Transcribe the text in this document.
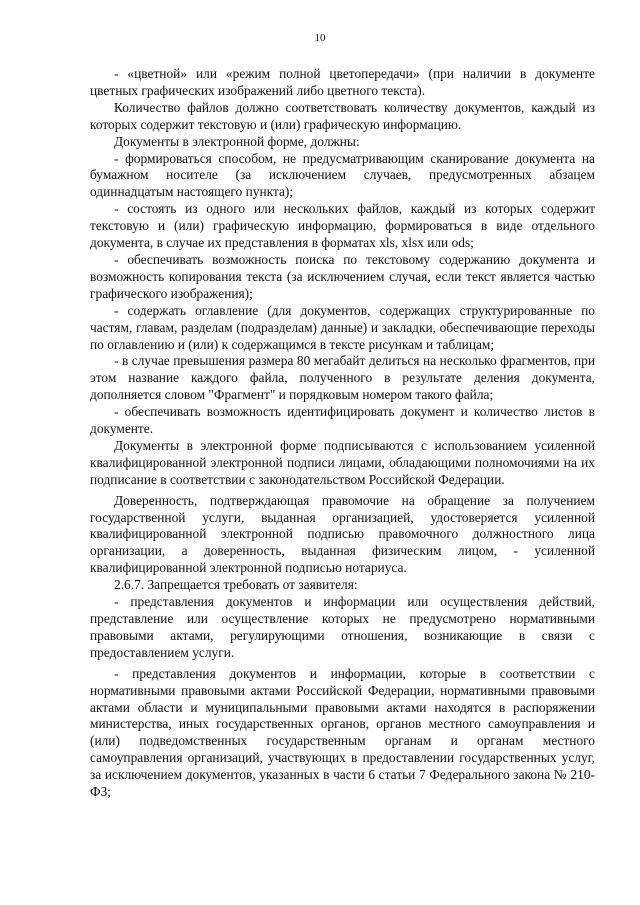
10

- «цветной» или «режим полной цветопередачи» (при наличии в документе цветных графических изображений либо цветного текста).

Количество файлов должно соответствовать количеству документов, каждый из которых содержит текстовую и (или) графическую информацию.

Документы в электронной форме, должны:

- формироваться способом, не предусматривающим сканирование документа на бумажном носителе (за исключением случаев, предусмотренных абзацем одиннадцатым настоящего пункта);

- состоять из одного или нескольких файлов, каждый из которых содержит текстовую и (или) графическую информацию, формироваться в виде отдельного документа, в случае их представления в форматах xls, xlsx или ods;

- обеспечивать возможность поиска по текстовому содержанию документа и возможность копирования текста (за исключением случая, если текст является частью графического изображения);

- содержать оглавление (для документов, содержащих структурированные по частям, главам, разделам (подразделам) данные) и закладки, обеспечивающие переходы по оглавлению и (или) к содержащимся в тексте рисункам и таблицам;

- в случае превышения размера 80 мегабайт делиться на несколько фрагментов, при этом название каждого файла, полученного в результате деления документа, дополняется словом "Фрагмент" и порядковым номером такого файла;

- обеспечивать возможность идентифицировать документ и количество листов в документе.

Документы в электронной форме подписываются с использованием усиленной квалифицированной электронной подписи лицами, обладающими полномочиями на их подписание в соответствии с законодательством Российской Федерации.

Доверенность, подтверждающая правомочие на обращение за получением государственной услуги, выданная организацией, удостоверяется усиленной квалифицированной электронной подписью правомочного должностного лица организации, а доверенность, выданная физическим лицом, - усиленной квалифицированной электронной подписью нотариуса.

2.6.7. Запрещается требовать от заявителя:

- представления документов и информации или осуществления действий, представление или осуществление которых не предусмотрено нормативными правовыми актами, регулирующими отношения, возникающие в связи с предоставлением услуги.

- представления документов и информации, которые в соответствии с нормативными правовыми актами Российской Федерации, нормативными правовыми актами области и муниципальными правовыми актами находятся в распоряжении министерства, иных государственных органов, органов местного самоуправления и (или) подведомственных государственным органам и органам местного самоуправления организаций, участвующих в предоставлении государственных услуг, за исключением документов, указанных в части 6 статьи 7 Федерального закона № 210-ФЗ;
